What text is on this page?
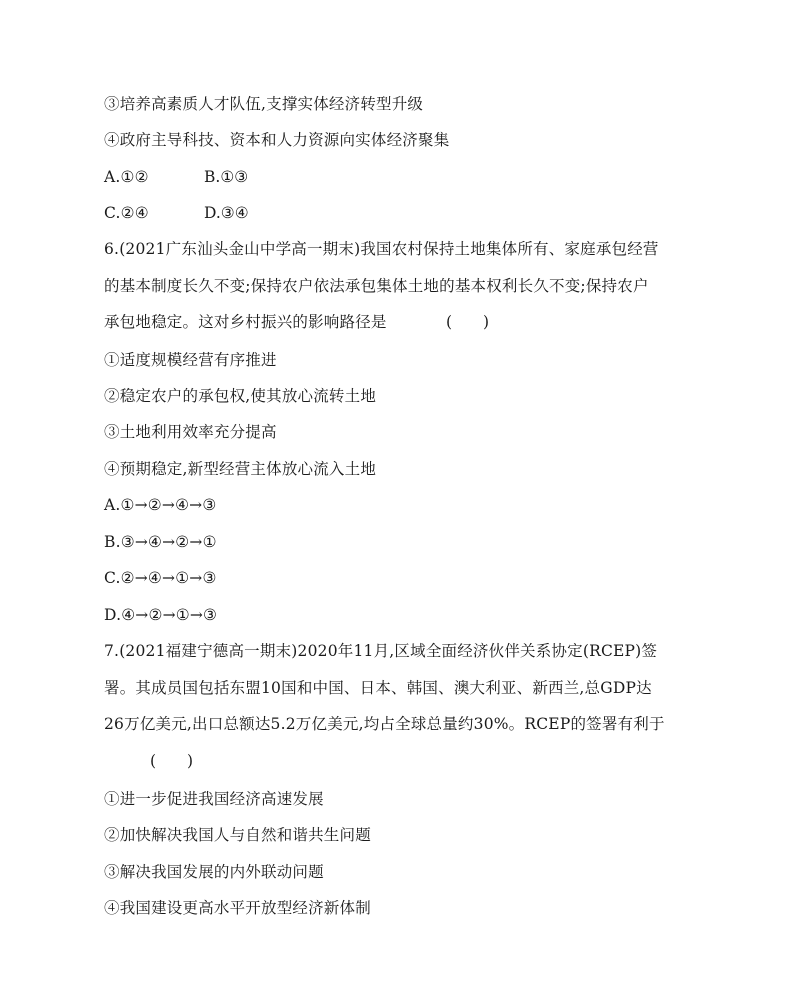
③培养高素质人才队伍,支撑实体经济转型升级
④政府主导科技、资本和人力资源向实体经济聚集
A.①②	B.①③
C.②④	D.③④
6.(2021广东汕头金山中学高一期末)我国农村保持土地集体所有、家庭承包经营
的基本制度长久不变;保持农户依法承包集体土地的基本权利长久不变;保持农户
承包地稳定。这对乡村振兴的影响路径是	(　　)
①适度规模经营有序推进
②稳定农户的承包权,使其放心流转土地
③土地利用效率充分提高
④预期稳定,新型经营主体放心流入土地
A.①→②→④→③
B.③→④→②→①
C.②→④→①→③
D.④→②→①→③
7.(2021福建宁德高一期末)2020年11月,区域全面经济伙伴关系协定(RCEP)签
署。其成员国包括东盟10国和中国、日本、韩国、澳大利亚、新西兰,总GDP达
26万亿美元,出口总额达5.2万亿美元,均占全球总量约30%。RCEP的签署有利于
(　　)
①进一步促进我国经济高速发展
②加快解决我国人与自然和谐共生问题
③解决我国发展的内外联动问题
④我国建设更高水平开放型经济新体制
